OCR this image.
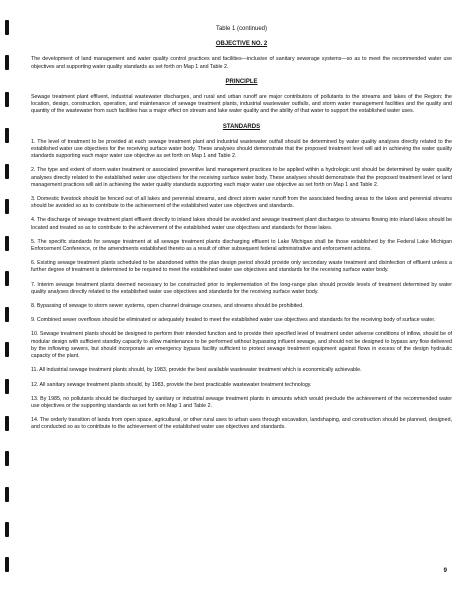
Table 1 (continued)
OBJECTIVE NO. 2

The development of land management and water quality control practices and facilities—inclusive of sanitary sewerage systems—so as to meet the recommended water use objectives and supporting water quality standards as set forth on Map 1 and Table 2.

PRINCIPLE

Sewage treatment plant effluent, industrial wastewater discharges, and rural and urban runoff are major contributors of pollutants to the streams and lakes of the Region; the location, design, construction, operation, and maintenance of sewage treatment plants, industrial wastewater outfalls, and storm water management facilities and the quality and quantity of the wastewater from such facilities has a major effect on stream and lake water quality and the ability of that water to support the established water uses.

STANDARDS

1. The level of treatment to be provided at each sewage treatment plant and industrial wastewater outfall should be determined by water quality analyses directly related to the established water use objectives for the receiving surface water body. These analyses should demonstrate that the proposed treatment level will aid in achieving the water quality standards supporting each major water use objective as set forth on Map 1 and Table 2.

2. The type and extent of storm water treatment or associated preventive land management practices to be applied within a hydrologic unit should be determined by water quality analyses directly related to the established water use objectives for the receiving surface water body. These analyses should demonstrate that the proposed treatment level or land management practices will aid in achieving the water quality standards supporting each major water use objective as set forth on Map 1 and Table 2.

3. Domestic livestock should be fenced out of all lakes and perennial streams, and direct storm water runoff from the associated feeding areas to the lakes and perennial streams should be avoided so as to contribute to the achievement of the established water use objectives and standards.

4. The discharge of sewage treatment plant effluent directly to inland lakes should be avoided and sewage treatment plant discharges to streams flowing into inland lakes should be located and treated so as to contribute to the achievement of the established water use objectives and standards for those lakes.

5. The specific standards for sewage treatment at all sewage treatment plants discharging effluent to Lake Michigan shall be those established by the Federal Lake Michigan Enforcement Conference, or the amendments established thereto as a result of other subsequent federal administrative and enforcement actions.

6. Existing sewage treatment plants scheduled to be abandoned within the plan design period should provide only secondary waste treatment and disinfection of effluent unless a further degree of treatment is determined to be required to meet the established water use objectives and standards for the receiving surface water body.

7. Interim sewage treatment plants deemed necessary to be constructed prior to implementation of the long-range plan should provide levels of treatment determined by water quality analyses directly related to the established water use objectives and standards for the receiving surface water body.

8. Bypassing of sewage to storm sewer systems, open channel drainage courses, and streams should be prohibited.

9. Combined sewer overflows should be eliminated or adequately treated to meet the established water use objectives and standards for the receiving body of surface water.

10. Sewage treatment plants should be designed to perform their intended function and to provide their specified level of treatment under adverse conditions of inflow, should be of modular design with sufficient standby capacity to allow maintenance to be performed without bypassing influent sewage, and should not be designed to bypass any flow delivered by the inflowing sewers, but should incorporate an emergency bypass facility sufficient to protect sewage treatment equipment against flows in excess of the design hydraulic capacity of the plant.

11. All industrial sewage treatment plants should, by 1983, provide the best available wastewater treatment which is economically achievable.

12. All sanitary sewage treatment plants should, by 1983, provide the best practicable wastewater treatment technology.

13. By 1985, no pollutants should be discharged by sanitary or industrial sewage treatment plants in amounts which would preclude the achievement of the recommended water use objectives or the supporting standards as set forth on Map 1 and Table 2.

14. The orderly transition of lands from open space, agricultural, or other rural uses to urban uses through excavation, landshaping, and construction should be planned, designed, and conducted so as to contribute to the achievement of the established water use objectives and standards.

9
